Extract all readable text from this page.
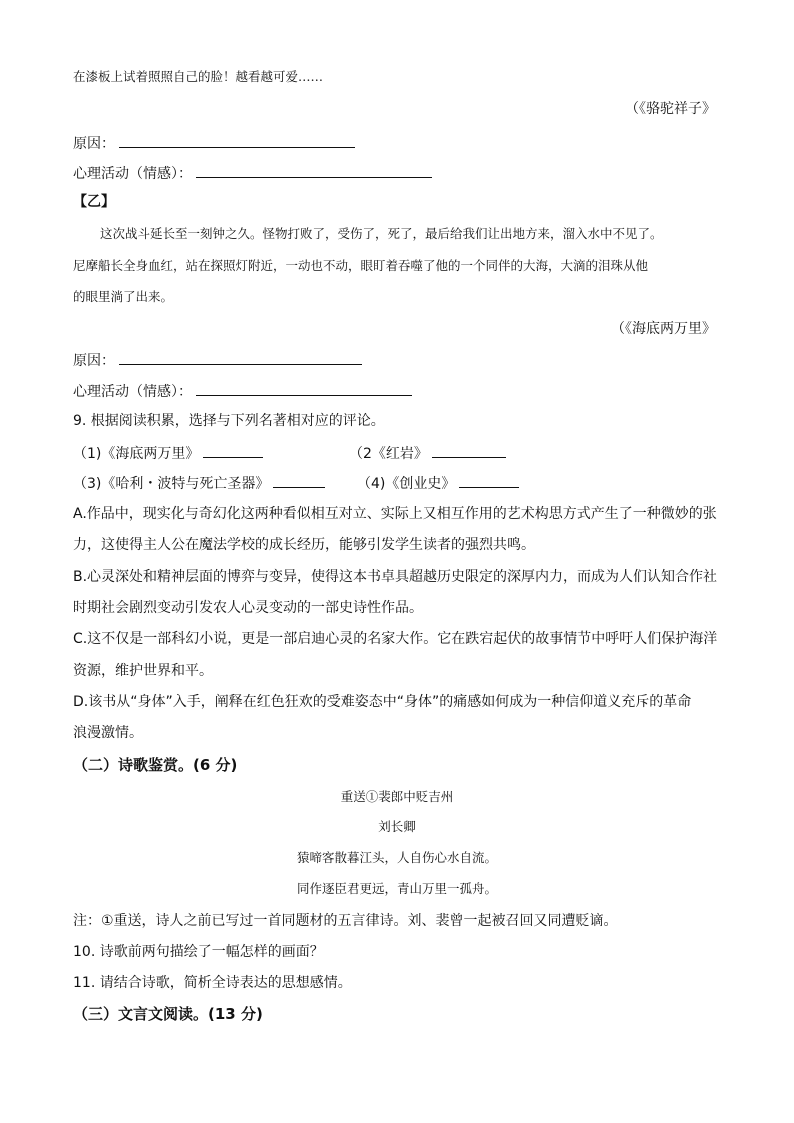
在漆板上试着照照自己的脸！越看越可爱……
（《骆驼祥子》
原因：
心理活动（情感）：
【乙】
这次战斗延长至一刻钟之久。怪物打败了，受伤了，死了，最后给我们让出地方来，溜入水中不见了。
尼摩船长全身血红，站在探照灯附近，一动也不动，眼盯着吞噬了他的一个同伴的大海，大滴的泪珠从他
的眼里淌了出来。
（《海底两万里》
原因：
心理活动（情感）：
9. 根据阅读积累，选择与下列名著相对应的评论。
（1)《海底两万里》	（2《红岩》
（3)《哈利・波特与死亡圣器》	（4)《创业史》
A.作品中，现实化与奇幻化这两种看似相互对立、实际上又相互作用的艺术构思方式产生了一种微妙的张
力，这使得主人公在魔法学校的成长经历，能够引发学生读者的强烈共鸣。
B.心灵深处和精神层面的博弈与变异，使得这本书卓具超越历史限定的深厚内力，而成为人们认知合作社
时期社会剧烈变动引发农人心灵变动的一部史诗性作品。
C.这不仅是一部科幻小说，更是一部启迪心灵的名家大作。它在跌宕起伏的故事情节中呼吁人们保护海洋
资源，维护世界和平。
D.该书从“身体”入手，阐释在红色狂欢的受难姿态中“身体”的痛感如何成为一种信仰道义充斥的革命
浪漫激情。
（二）诗歌鉴赏。(6 分)
重送①裴郎中贬吉州
刘长卿
猿啼客散暮江头，人自伤心水自流。
同作逐臣君更远，青山万里一孤舟。
注：①重送，诗人之前已写过一首同题材的五言律诗。刘、裴曾一起被召回又同遭贬谪。
10. 诗歌前两句描绘了一幅怎样的画面？
11. 请结合诗歌，简析全诗表达的思想感情。
（三）文言文阅读。(13 分)
